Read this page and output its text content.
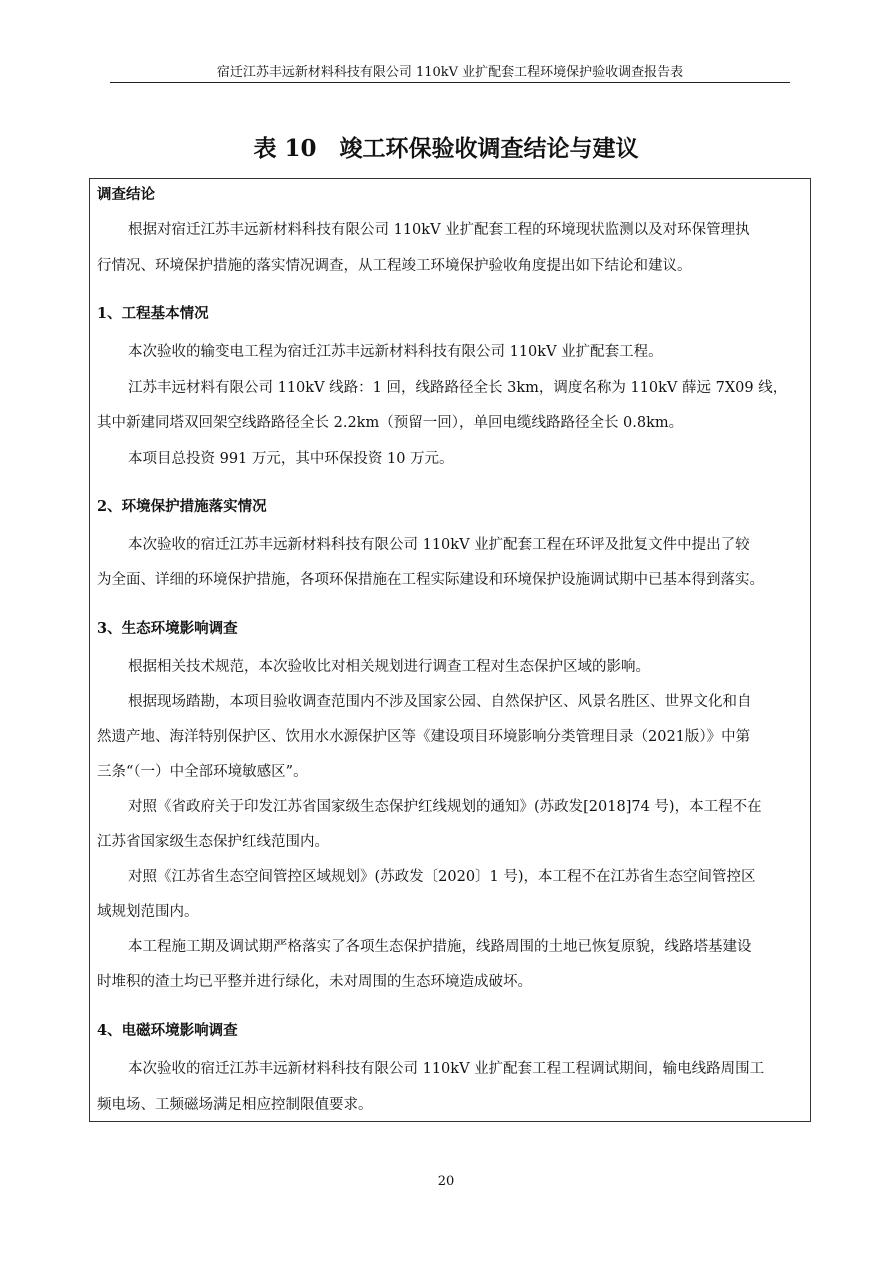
宿迁江苏丰远新材料科技有限公司 110kV 业扩配套工程环境保护验收调查报告表
表 10　竣工环保验收调查结论与建议
调查结论
根据对宿迁江苏丰远新材料科技有限公司 110kV 业扩配套工程的环境现状监测以及对环保管理执
行情况、环境保护措施的落实情况调查，从工程竣工环境保护验收角度提出如下结论和建议。
1、工程基本情况
本次验收的输变电工程为宿迁江苏丰远新材料科技有限公司 110kV 业扩配套工程。
江苏丰远材料有限公司 110kV 线路：1 回，线路路径全长 3km，调度名称为 110kV 薛远 7X09 线，
其中新建同塔双回架空线路路径全长 2.2km（预留一回），单回电缆线路路径全长 0.8km。
本项目总投资 991 万元，其中环保投资 10 万元。
2、环境保护措施落实情况
本次验收的宿迁江苏丰远新材料科技有限公司 110kV 业扩配套工程在环评及批复文件中提出了较
为全面、详细的环境保护措施，各项环保措施在工程实际建设和环境保护设施调试期中已基本得到落实。
3、生态环境影响调查
根据相关技术规范，本次验收比对相关规划进行调查工程对生态保护区域的影响。
根据现场踏勘，本项目验收调查范围内不涉及国家公园、自然保护区、风景名胜区、世界文化和自
然遗产地、海洋特别保护区、饮用水水源保护区等《建设项目环境影响分类管理目录（2021版）》中第
三条“（一）中全部环境敏感区”。
对照《省政府关于印发江苏省国家级生态保护红线规划的通知》(苏政发[2018]74 号)，本工程不在
江苏省国家级生态保护红线范围内。
对照《江苏省生态空间管控区域规划》(苏政发〔2020〕1 号)，本工程不在江苏省生态空间管控区
域规划范围内。
本工程施工期及调试期严格落实了各项生态保护措施，线路周围的土地已恢复原貌，线路塔基建设
时堆积的渣土均已平整并进行绿化，未对周围的生态环境造成破坏。
4、电磁环境影响调查
本次验收的宿迁江苏丰远新材料科技有限公司 110kV 业扩配套工程工程调试期间，输电线路周围工
频电场、工频磁场满足相应控制限值要求。
20
